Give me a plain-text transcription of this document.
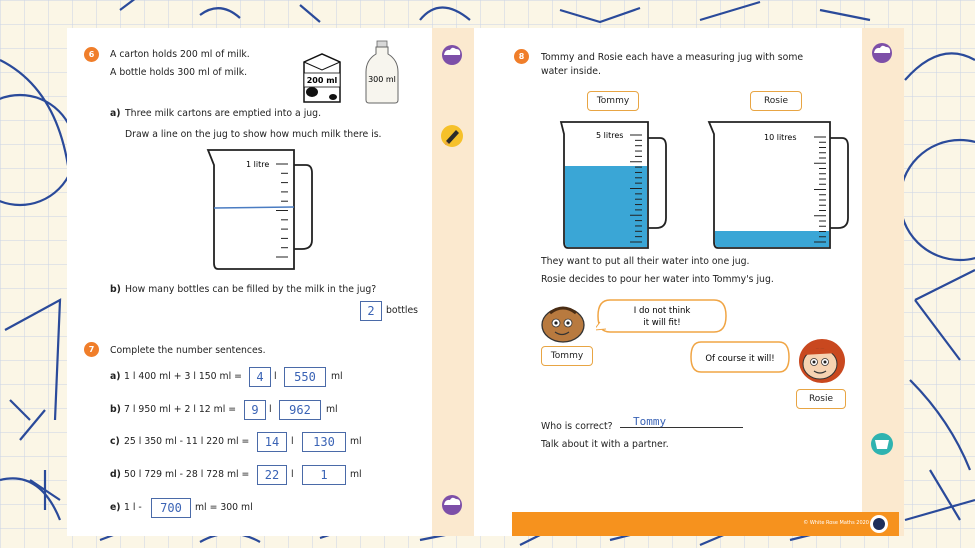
6	A carton holds 200 ml of milk.
A bottle holds 300 ml of milk.
200 ml	300 ml
a) Three milk cartons are emptied into a jug.
Draw a line on the jug to show how much milk there is.
1 litre
b) How many bottles can be filled by the milk in the jug?
2	bottles
7	Complete the number sentences.
a) 1 l 400 ml + 3 l 150 ml =	4	l	550	ml
b) 7 l 950 ml + 2 l 12 ml =	9	l	962	ml
c) 25 l 350 ml - 11 l 220 ml =	14	l	130	ml
d) 50 l 729 ml - 28 l 728 ml =	22	l	1	ml
e) 1 l -	700	ml = 300 ml
8	Tommy and Rosie each have a measuring jug with some
water inside.
Tommy	Rosie
5 litres	10 litres
They want to put all their water into one jug.
Rosie decides to pour her water into Tommy's jug.
I do not think
it will fit!
Tommy	Of course it will!
Rosie
Who is correct? Tommy
Talk about it with a partner.
© White Rose Maths 2020
